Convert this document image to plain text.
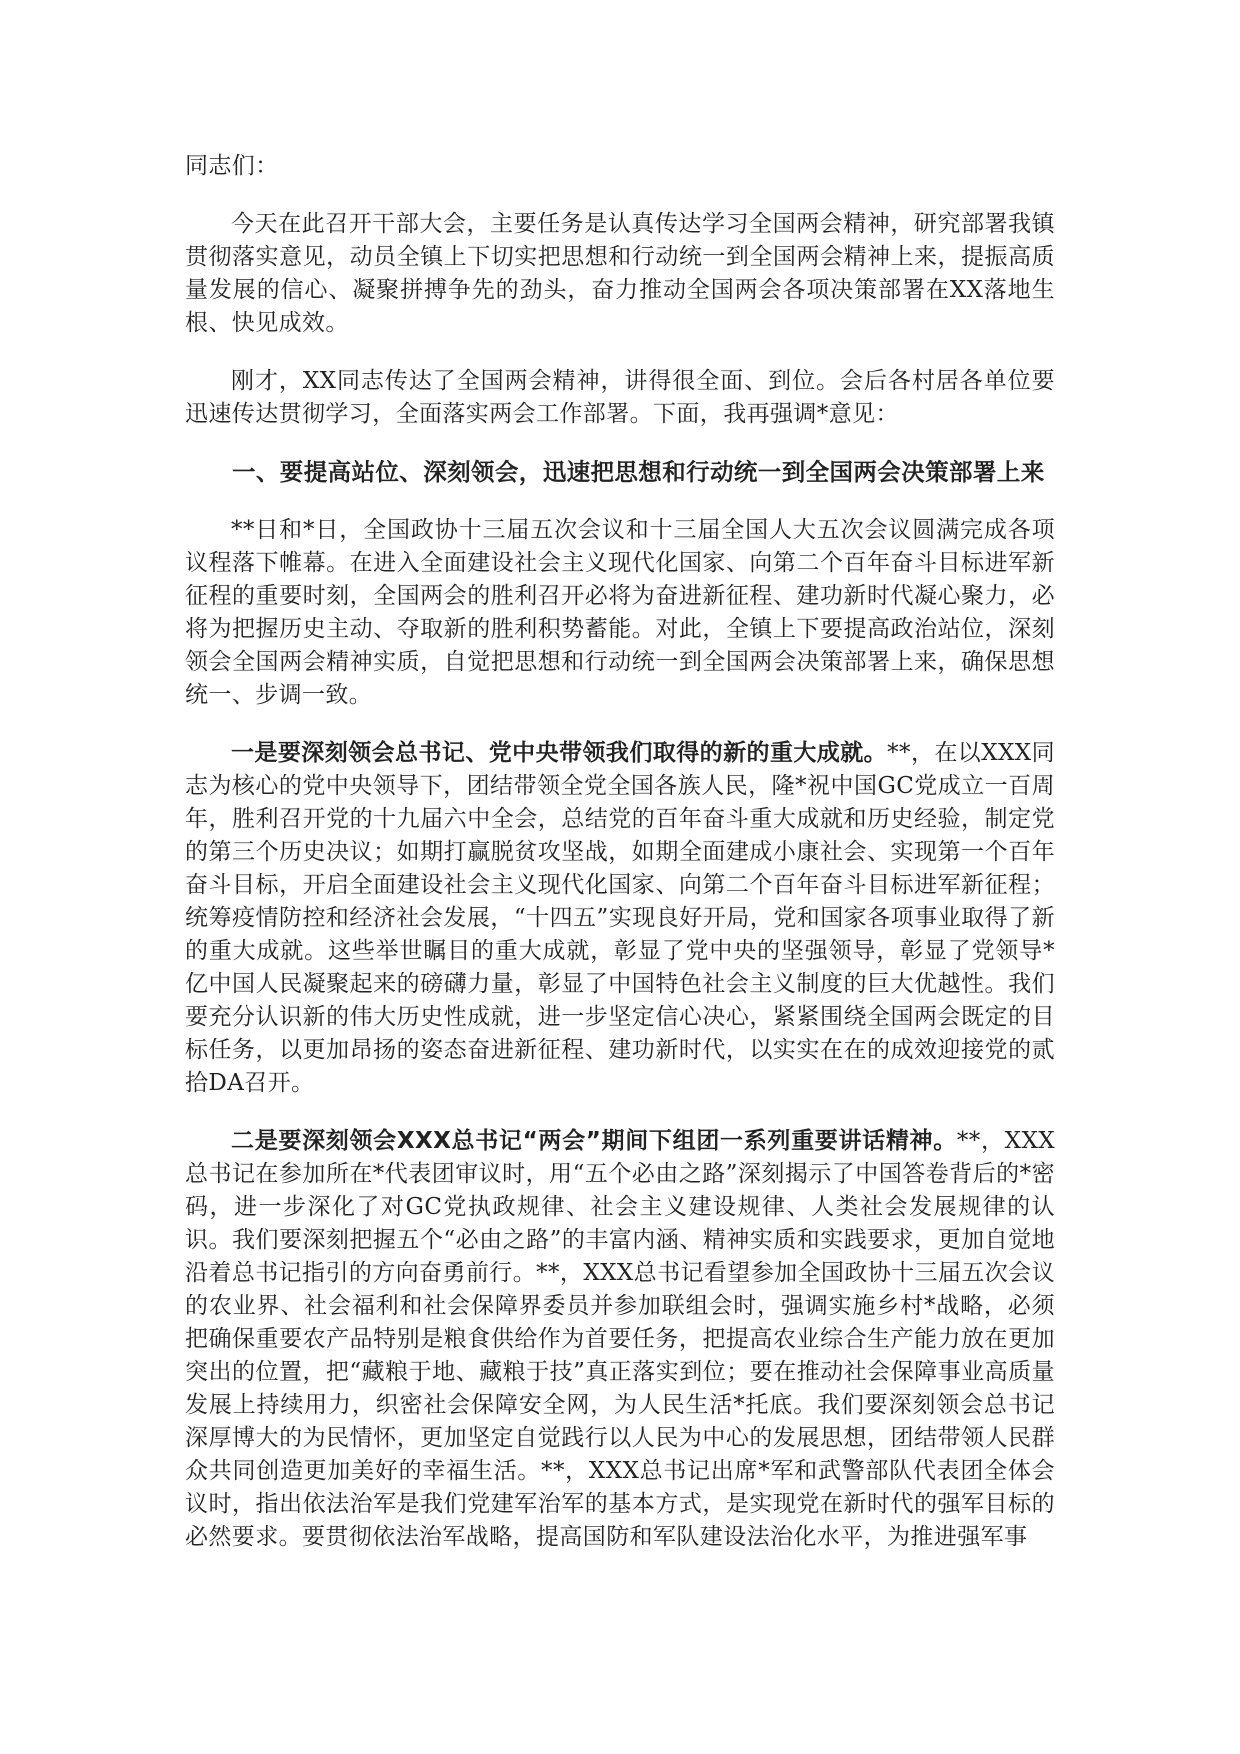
同志们：

今天在此召开干部大会，主要任务是认真传达学习全国两会精神，研究部署我镇贯彻落实意见，动员全镇上下切实把思想和行动统一到全国两会精神上来，提振高质量发展的信心、凝聚拼搏争先的劲头，奋力推动全国两会各项决策部署在XX落地生根、快见成效。

刚才，XX同志传达了全国两会精神，讲得很全面、到位。会后各村居各单位要迅速传达贯彻学习，全面落实两会工作部署。下面，我再强调*意见：

一、要提高站位、深刻领会，迅速把思想和行动统一到全国两会决策部署上来

**日和*日，全国政协十三届五次会议和十三届全国人大五次会议圆满完成各项议程落下帷幕。在进入全面建设社会主义现代化国家、向第二个百年奋斗目标进军新征程的重要时刻，全国两会的胜利召开必将为奋进新征程、建功新时代凝心聚力，必将为把握历史主动、夺取新的胜利积势蓄能。对此，全镇上下要提高政治站位，深刻领会全国两会精神实质，自觉把思想和行动统一到全国两会决策部署上来，确保思想统一、步调一致。

一是要深刻领会总书记、党中央带领我们取得的新的重大成就。**，在以XXX同志为核心的党中央领导下，团结带领全党全国各族人民，隆*祝中国GC党成立一百周年，胜利召开党的十九届六中全会，总结党的百年奋斗重大成就和历史经验，制定党的第三个历史决议；如期打赢脱贫攻坚战，如期全面建成小康社会、实现第一个百年奋斗目标，开启全面建设社会主义现代化国家、向第二个百年奋斗目标进军新征程；统筹疫情防控和经济社会发展，“十四五”实现良好开局，党和国家各项事业取得了新的重大成就。这些举世瞩目的重大成就，彰显了党中央的坚强领导，彰显了党领导*亿中国人民凝聚起来的磅礴力量，彰显了中国特色社会主义制度的巨大优越性。我们要充分认识新的伟大历史性成就，进一步坚定信心决心，紧紧围绕全国两会既定的目标任务，以更加昂扬的姿态奋进新征程、建功新时代，以实实在在的成效迎接党的贰拾DA召开。

二是要深刻领会XXX总书记“两会”期间下组团一系列重要讲话精神。**，XXX总书记在参加所在*代表团审议时，用“五个必由之路”深刻揭示了中国答卷背后的*密码，进一步深化了对GC党执政规律、社会主义建设规律、人类社会发展规律的认识。我们要深刻把握五个“必由之路”的丰富内涵、精神实质和实践要求，更加自觉地沿着总书记指引的方向奋勇前行。**，XXX总书记看望参加全国政协十三届五次会议的农业界、社会福利和社会保障界委员并参加联组会时，强调实施乡村*战略，必须把确保重要农产品特别是粮食供给作为首要任务，把提高农业综合生产能力放在更加突出的位置，把“藏粮于地、藏粮于技”真正落实到位；要在推动社会保障事业高质量发展上持续用力，织密社会保障安全网，为人民生活*托底。我们要深刻领会总书记深厚博大的为民情怀，更加坚定自觉践行以人民为中心的发展思想，团结带领人民群众共同创造更加美好的幸福生活。**，XXX总书记出席*军和武警部队代表团全体会议时，指出依法治军是我们党建军治军的基本方式，是实现党在新时代的强军目标的必然要求。要贯彻依法治军战略，提高国防和军队建设法治化水平，为推进强军事
